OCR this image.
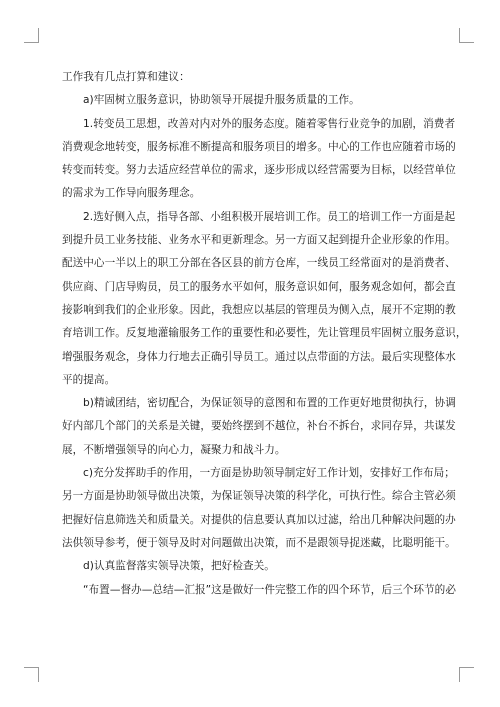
工作我有几点打算和建议：
a)牢固树立服务意识，协助领导开展提升服务质量的工作。
1.转变员工思想，改善对内对外的服务态度。随着零售行业竞争的加剧，消费者
消费观念地转变，服务标准不断提高和服务项目的增多。中心的工作也应随着市场的
转变而转变。努力去适应经营单位的需求，逐步形成以经营需要为目标，以经营单位
的需求为工作导向服务理念。
2.选好侧入点，指导各部、小组积极开展培训工作。员工的培训工作一方面是起
到提升员工业务技能、业务水平和更新理念。另一方面又起到提升企业形象的作用。
配送中心一半以上的职工分部在各区县的前方仓库，一线员工经常面对的是消费者、
供应商、门店导购员，员工的服务水平如何，服务意识如何，服务观念如何，都会直
接影响到我们的企业形象。因此，我想应以基层的管理员为侧入点，展开不定期的教
育培训工作。反复地灌输服务工作的重要性和必要性，先让管理员牢固树立服务意识，
增强服务观念，身体力行地去正确引导员工。通过以点带面的方法。最后实现整体水
平的提高。
b)精诚团结，密切配合，为保证领导的意图和布置的工作更好地贯彻执行，协调
好内部几个部门的关系是关键，要始终摆到不越位，补台不拆台，求同存异，共谋发
展，不断增强领导的向心力，凝聚力和战斗力。
c)充分发挥助手的作用，一方面是协助领导制定好工作计划，安排好工作布局；
另一方面是协助领导做出决策，为保证领导决策的科学化，可执行性。综合主管必须
把握好信息筛选关和质量关。对提供的信息要认真加以过滤，给出几种解决问题的办
法供领导参考，便于领导及时对问题做出决策，而不是跟领导捉迷藏，比聪明能干。
d)认真监督落实领导决策，把好检查关。
“布置—督办—总结—汇报”这是做好一件完整工作的四个环节，后三个环节的必
